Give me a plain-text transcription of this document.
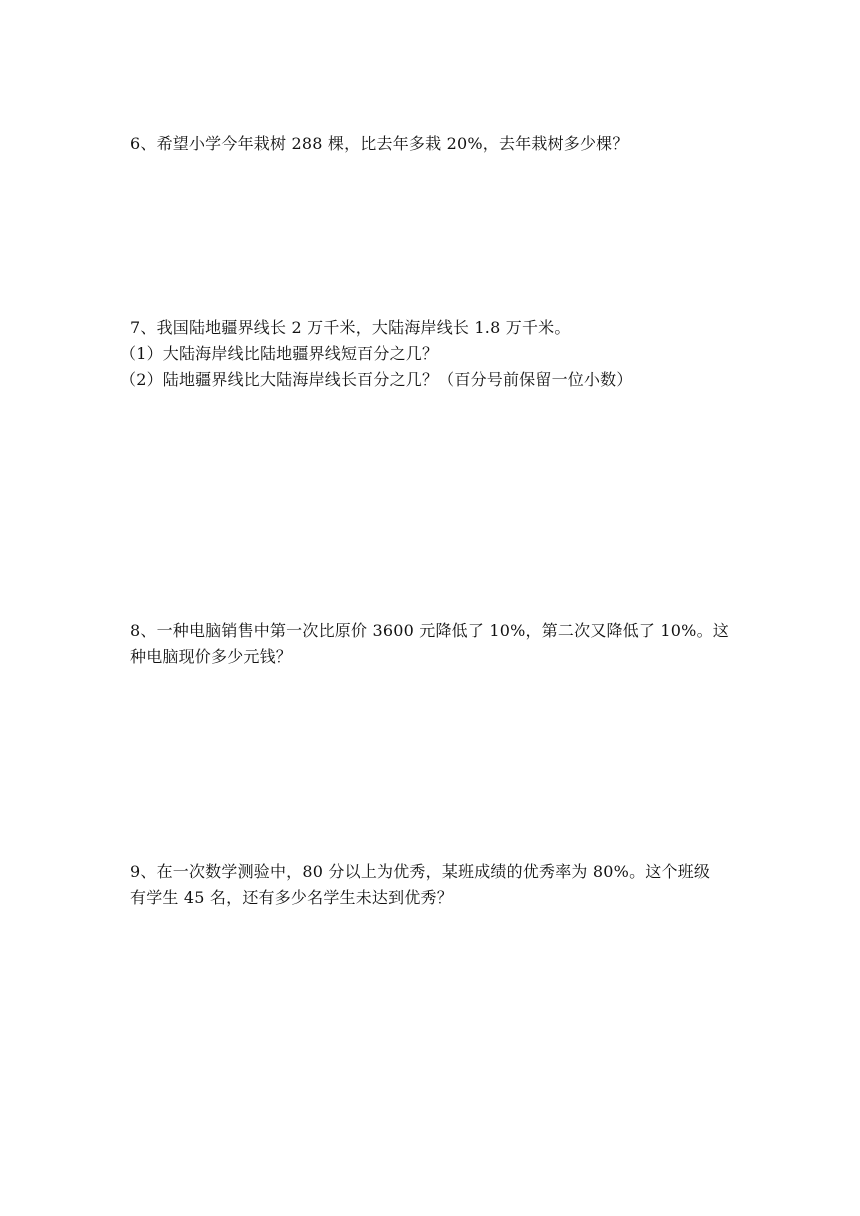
6、希望小学今年栽树 288 棵，比去年多栽 20%，去年栽树多少棵？
7、我国陆地疆界线长 2 万千米，大陆海岸线长 1.8 万千米。
（1）大陆海岸线比陆地疆界线短百分之几？
（2）陆地疆界线比大陆海岸线长百分之几？（百分号前保留一位小数）
8、一种电脑销售中第一次比原价 3600 元降低了 10%，第二次又降低了 10%。这
种电脑现价多少元钱？
9、在一次数学测验中，80 分以上为优秀，某班成绩的优秀率为 80%。这个班级
有学生 45 名，还有多少名学生未达到优秀？
